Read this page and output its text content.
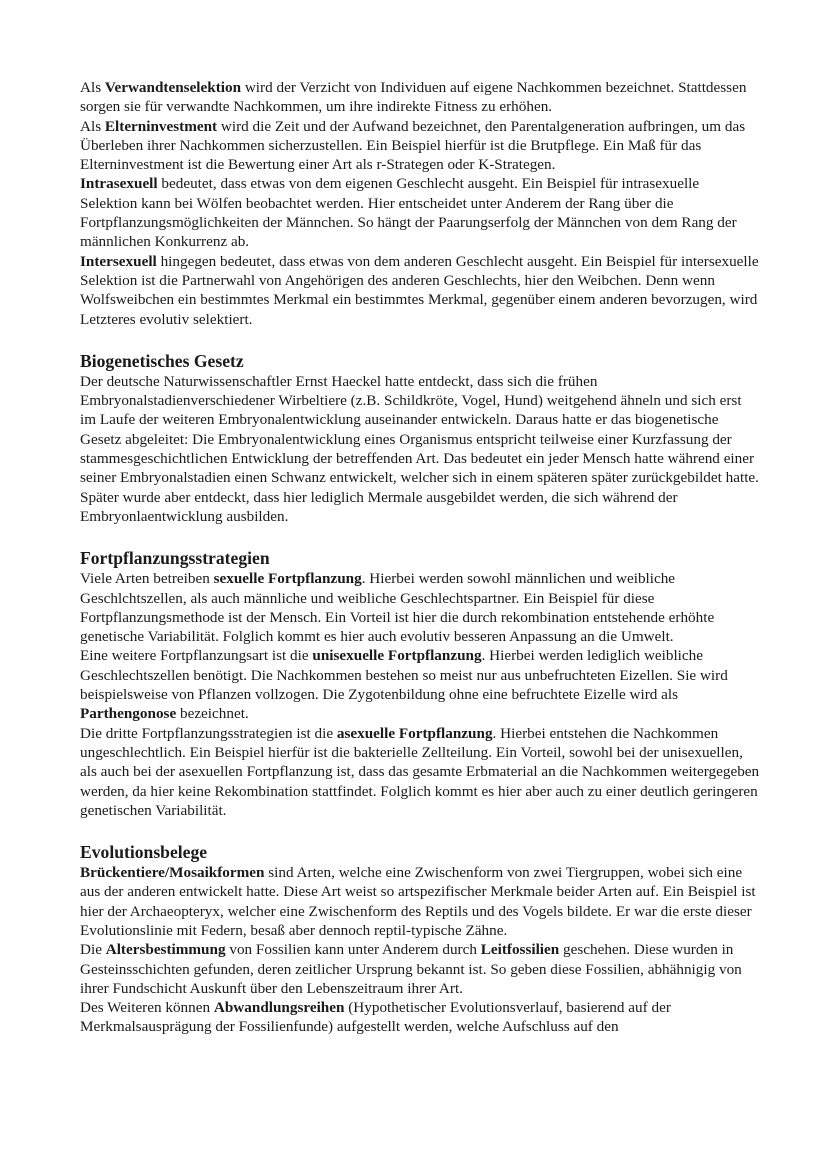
Als Verwandtenselektion wird der Verzicht von Individuen auf eigene Nachkommen bezeichnet. Stattdessen sorgen sie für verwandte Nachkommen, um ihre indirekte Fitness zu erhöhen.

Als Elterninvestment wird die Zeit und der Aufwand bezeichnet, den Parentalgeneration aufbringen, um das Überleben ihrer Nachkommen sicherzustellen. Ein Beispiel hierfür ist die Brutpflege. Ein Maß für das Elterninvestment ist die Bewertung einer Art als r-Strategen oder K-Strategen.

Intrasexuell bedeutet, dass etwas von dem eigenen Geschlecht ausgeht. Ein Beispiel für intrasexuelle Selektion kann bei Wölfen beobachtet werden. Hier entscheidet unter Anderem der Rang über die Fortpflanzungsmöglichkeiten der Männchen. So hängt der Paarungserfolg der Männchen von dem Rang der männlichen Konkurrenz ab.

Intersexuell hingegen bedeutet, dass etwas von dem anderen Geschlecht ausgeht. Ein Beispiel für intersexuelle Selektion ist die Partnerwahl von Angehörigen des anderen Geschlechts, hier den Weibchen. Denn wenn Wolfsweibchen ein bestimmtes Merkmal ein bestimmtes Merkmal, gegenüber einem anderen bevorzugen, wird Letzteres evolutiv selektiert.

Biogenetisches Gesetz

Der deutsche Naturwissenschaftler Ernst Haeckel hatte entdeckt, dass sich die frühen Embryonalstadienverschiedener Wirbeltiere (z.B. Schildkröte, Vogel, Hund) weitgehend ähneln und sich erst im Laufe der weiteren Embryonalentwicklung auseinander entwickeln. Daraus hatte er das biogenetische Gesetz abgeleitet: Die Embryonalentwicklung eines Organismus entspricht teilweise einer Kurzfassung der stammesgeschichtlichen Entwicklung der betreffenden Art. Das bedeutet ein jeder Mensch hatte während einer seiner Embryonalstadien einen Schwanz entwickelt, welcher sich in einem späteren später zurückgebildet hatte. Später wurde aber entdeckt, dass hier lediglich Mermale ausgebildet werden, die sich während der Embryonlaentwicklung ausbilden.

Fortpflanzungsstrategien

Viele Arten betreiben sexuelle Fortpflanzung. Hierbei werden sowohl männlichen und weibliche Geschlchtszellen, als auch männliche und weibliche Geschlechtspartner. Ein Beispiel für diese Fortpflanzungsmethode ist der Mensch. Ein Vorteil ist hier die durch rekombination entstehende erhöhte genetische Variabilität. Folglich kommt es hier auch evolutiv besseren Anpassung an die Umwelt.

Eine weitere Fortpflanzungsart ist die unisexuelle Fortpflanzung. Hierbei werden lediglich weibliche Geschlechtszellen benötigt. Die Nachkommen bestehen so meist nur aus unbefruchteten Eizellen. Sie wird beispielsweise von Pflanzen vollzogen. Die Zygotenbildung ohne eine befruchtete Eizelle wird als Parthengonose bezeichnet.

Die dritte Fortpflanzungsstrategien ist die asexuelle Fortpflanzung. Hierbei entstehen die Nachkommen ungeschlechtlich. Ein Beispiel hierfür ist die bakterielle Zellteilung. Ein Vorteil, sowohl bei der unisexuellen, als auch bei der asexuellen Fortpflanzung ist, dass das gesamte Erbmaterial an die Nachkommen weitergegeben werden, da hier keine Rekombination stattfindet. Folglich kommt es hier aber auch zu einer deutlich geringeren genetischen Variabilität.

Evolutionsbelege

Brückentiere/Mosaikformen sind Arten, welche eine Zwischenform von zwei Tiergruppen, wobei sich eine aus der anderen entwickelt hatte. Diese Art weist so artspezifischer Merkmale beider Arten auf. Ein Beispiel ist hier der Archaeopteryx, welcher eine Zwischenform des Reptils und des Vogels bildete. Er war die erste dieser Evolutionslinie mit Federn, besaß aber dennoch reptil-typische Zähne.

Die Altersbestimmung von Fossilien kann unter Anderem durch Leitfossilien geschehen. Diese wurden in Gesteinsschichten gefunden, deren zeitlicher Ursprung bekannt ist. So geben diese Fossilien, abhähnigig von ihrer Fundschicht Auskunft über den Lebenszeitraum ihrer Art.

Des Weiteren können Abwandlungsreihen (Hypothetischer Evolutionsverlauf, basierend auf der Merkmalsausprägung der Fossilienfunde) aufgestellt werden, welche Aufschluss auf den
